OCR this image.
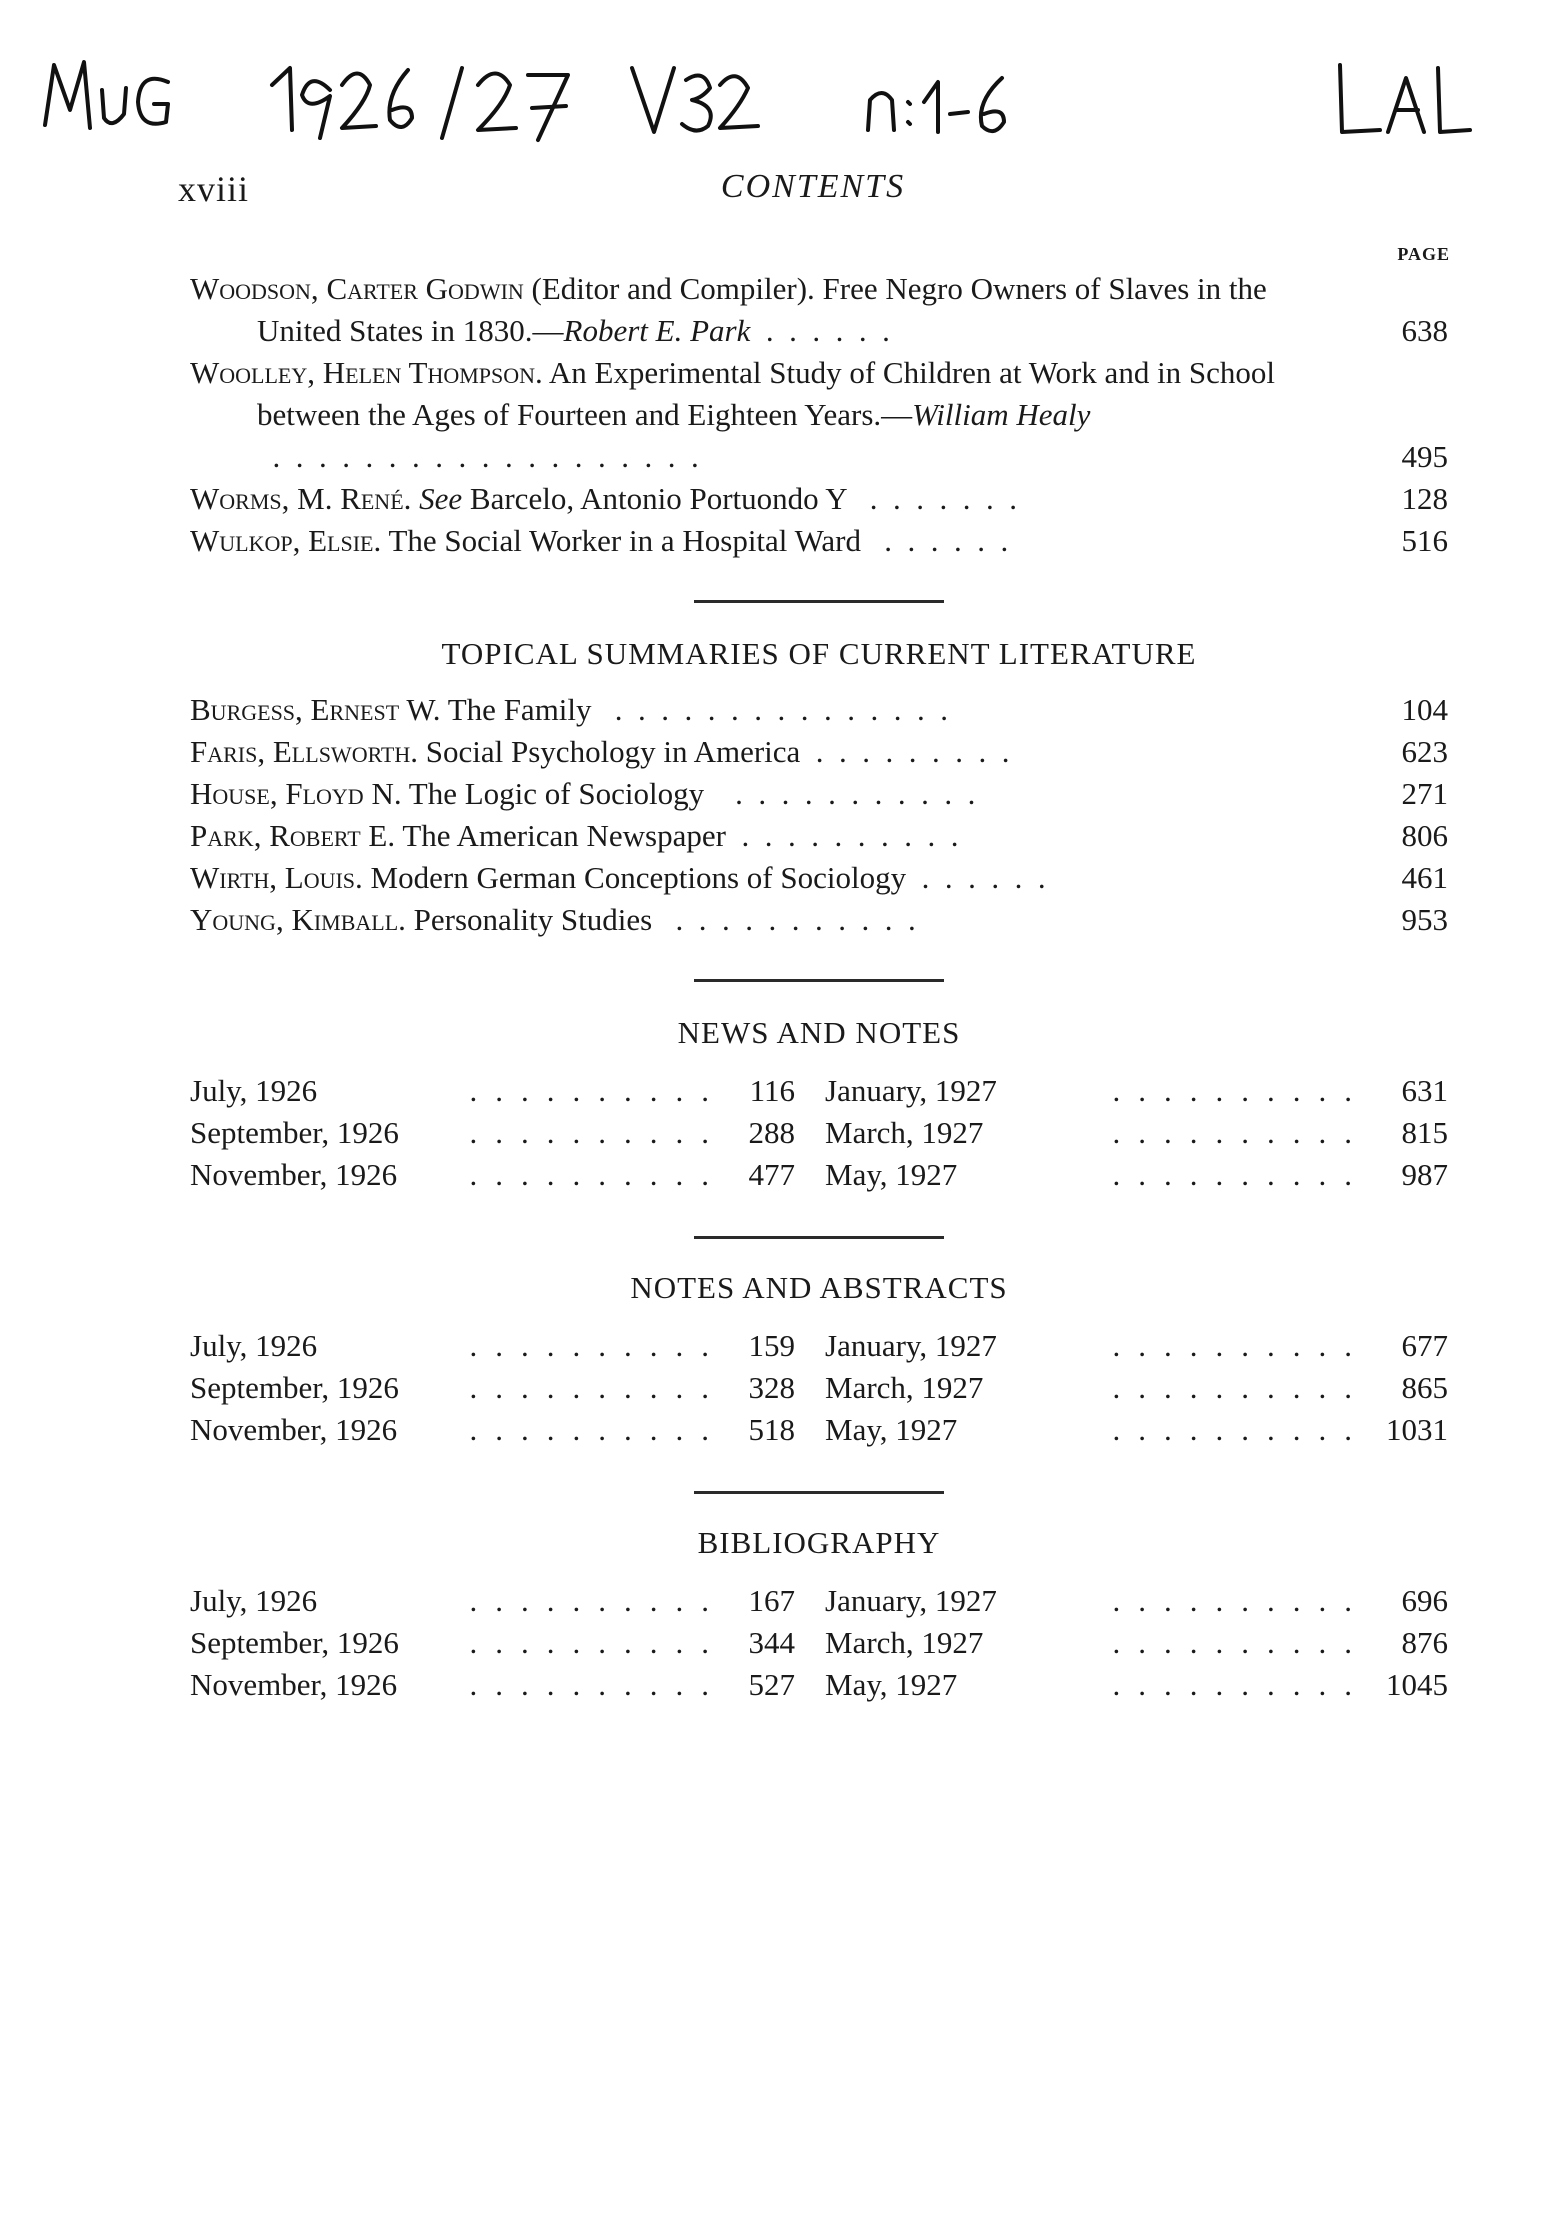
xviii	CONTENTS
PAGE
Woodson, Carter Godwin (Editor and Compiler). Free Negro Owners of Slaves in the United States in 1830.—Robert E. Park  .  .  .  .  .  .	638
Woolley, Helen Thompson. An Experimental Study of Children at Work and in School between the Ages of Fourteen and Eighteen Years.—William Healy   .  .  .  .  .  .  .  .  .  .  .  .  .  .  .  .  .  .  .	495
Worms, M. René. See Barcelo, Antonio Portuondo Y   .  .  .  .  .  .  .	128
Wulkop, Elsie. The Social Worker in a Hospital Ward   .  .  .  .  .  .	516
TOPICAL SUMMARIES OF CURRENT LITERATURE
Burgess, Ernest W. The Family   .  .  .  .  .  .  .  .  .  .  .  .  .  .  .	104
Faris, Ellsworth. Social Psychology in America  .  .  .  .  .  .  .  .  .	623
House, Floyd N. The Logic of Sociology    .  .  .  .  .  .  .  .  .  .  .	271
Park, Robert E. The American Newspaper  .  .  .  .  .  .  .  .  .  .	806
Wirth, Louis. Modern German Conceptions of Sociology  .  .  .  .  .  .	461
Young, Kimball. Personality Studies   .  .  .  .  .  .  .  .  .  .  .	953
NEWS AND NOTES
July, 1926	.......... 116 January, 1927	..........	631
September, 1926	.......... 288 March, 1927	..........	815
November, 1926	.......... 477 May, 1927	..........	987
NOTES AND ABSTRACTS
July, 1926	.......... 159 January, 1927	..........	677
September, 1926	.......... 328 March, 1927	..........	865
November, 1926	.......... 518 May, 1927	.......... 1031
BIBLIOGRAPHY
July, 1926	.......... 167 January, 1927	..........	696
September, 1926	.......... 344 March, 1927	..........	876
November, 1926	.......... 527 May, 1927	.......... 1045
